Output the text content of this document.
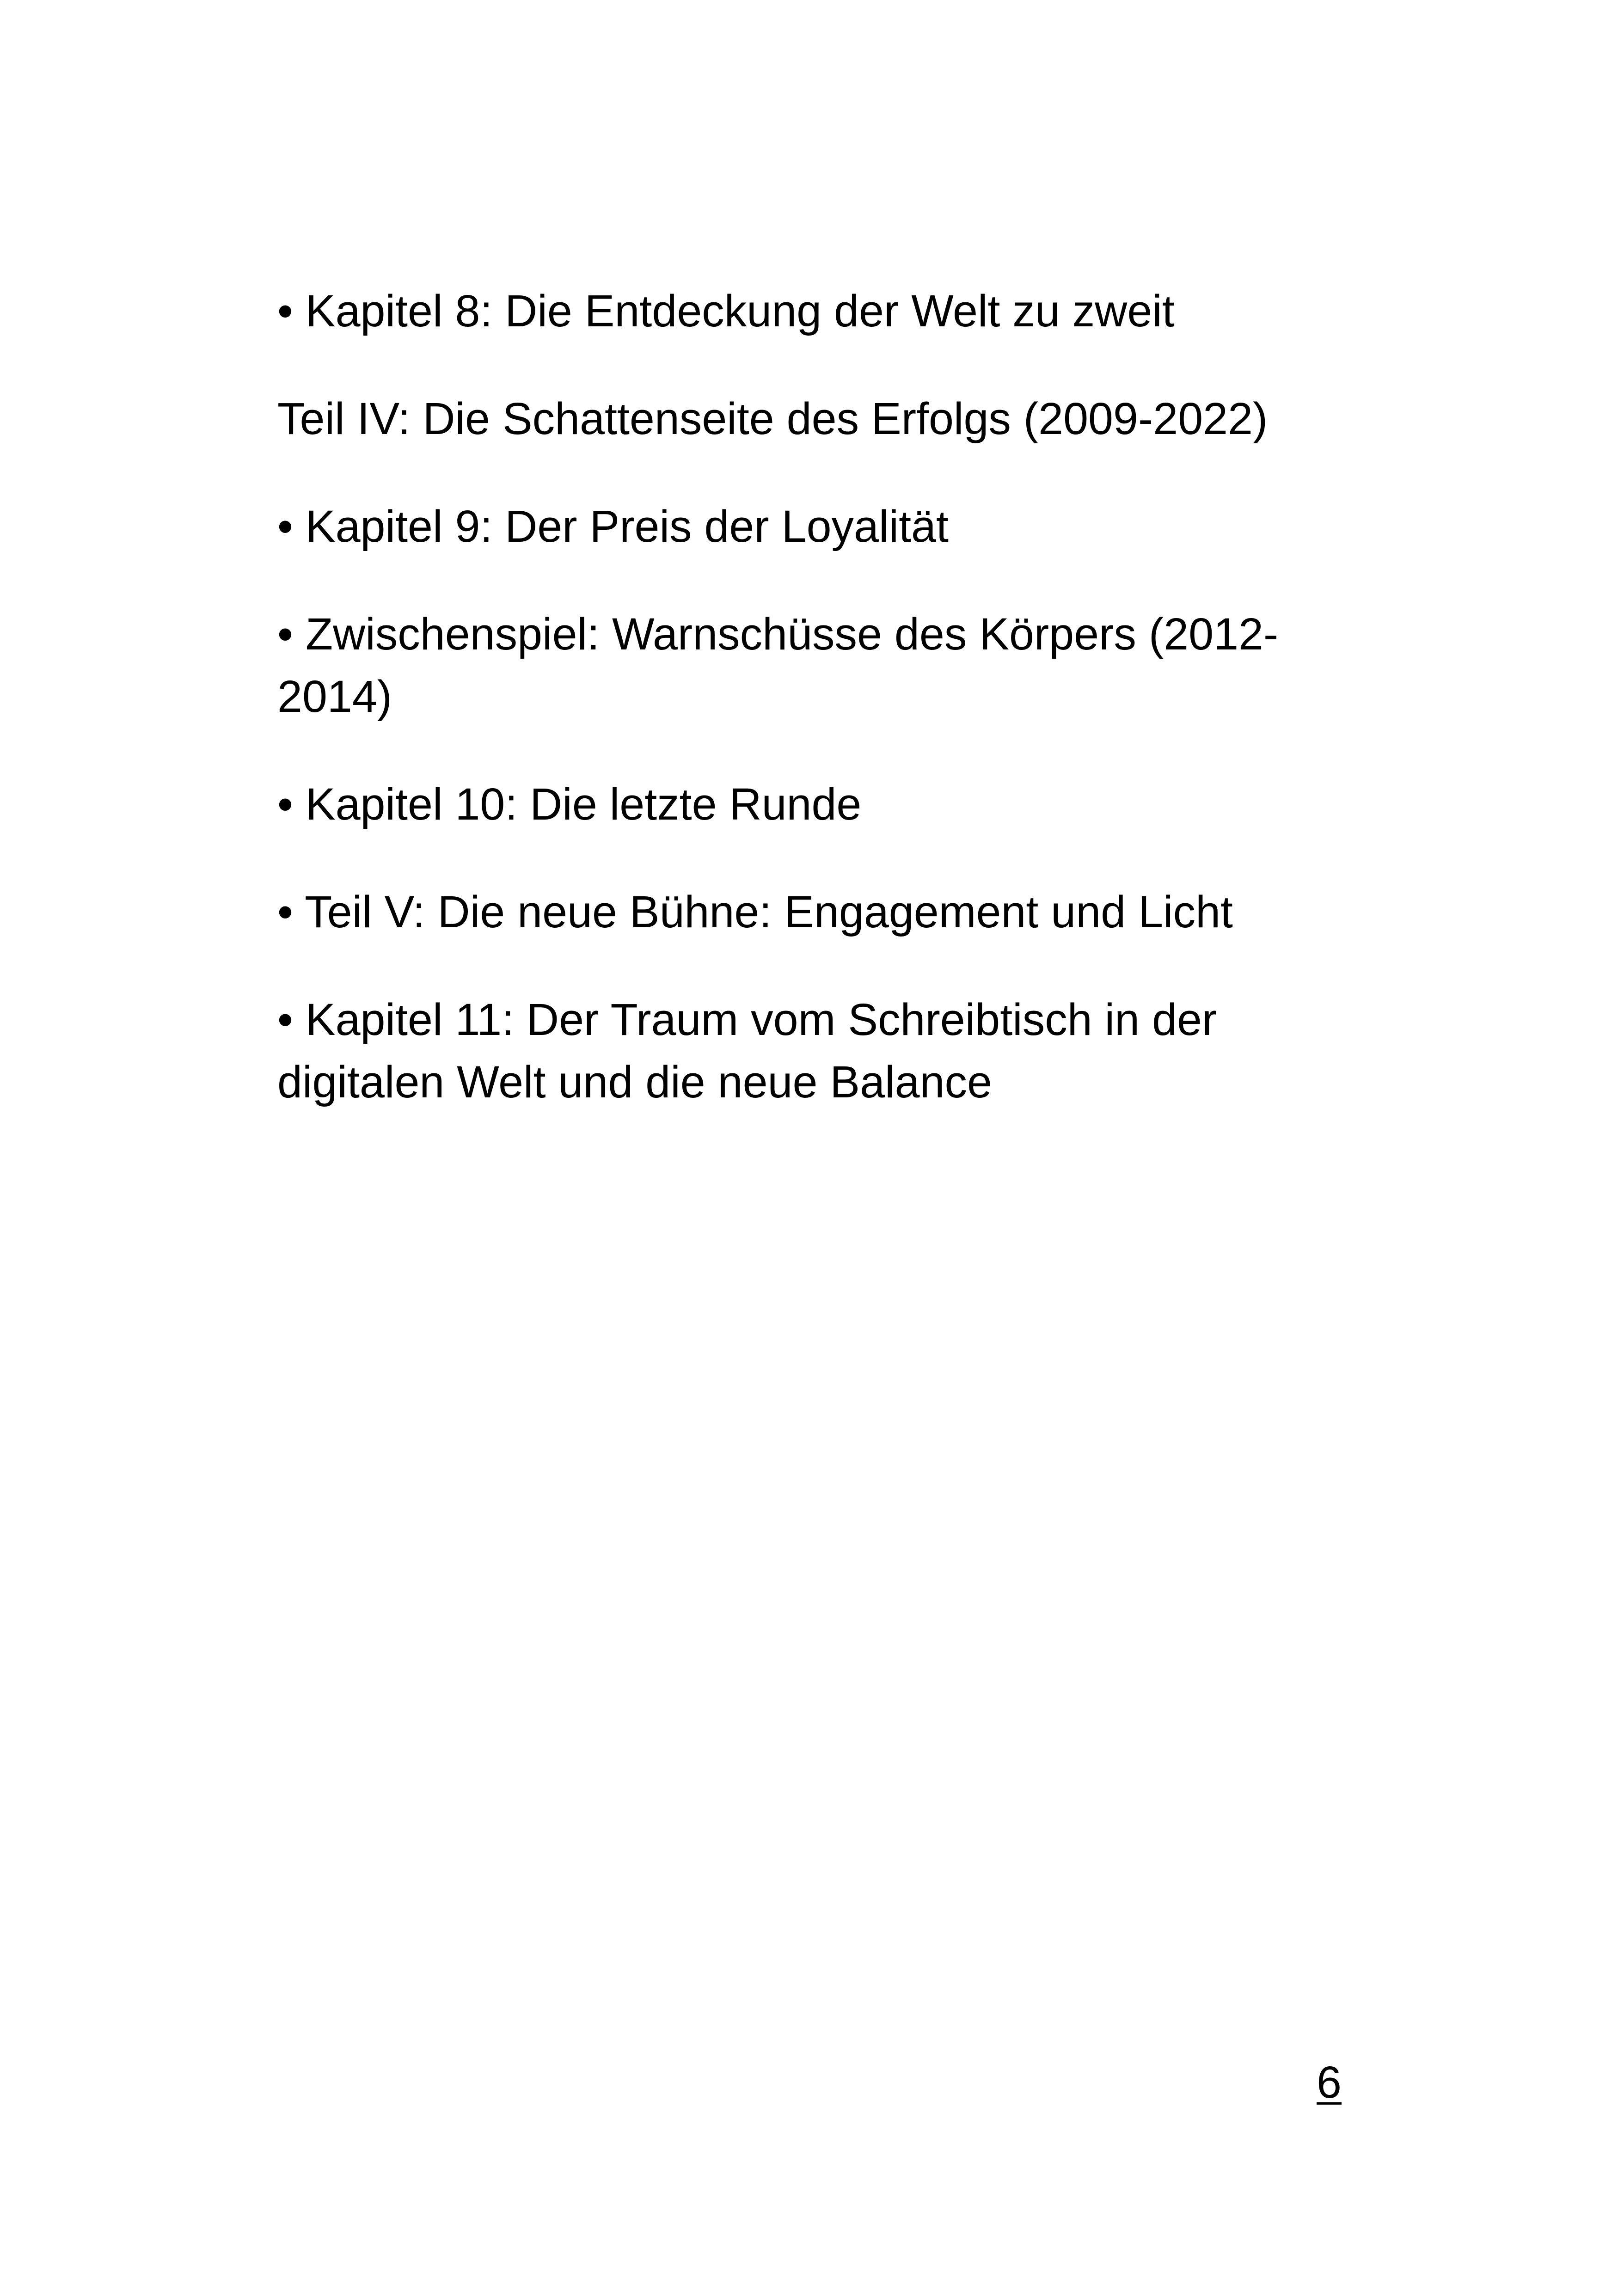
• Kapitel 8: Die Entdeckung der Welt zu zweit
Teil IV: Die Schattenseite des Erfolgs (2009-2022)
• Kapitel 9: Der Preis der Loyalität
• Zwischenspiel: Warnschüsse des Körpers (2012-
2014)
• Kapitel 10: Die letzte Runde
• Teil V: Die neue Bühne: Engagement und Licht
• Kapitel 11: Der Traum vom Schreibtisch in der
digitalen Welt und die neue Balance
6
